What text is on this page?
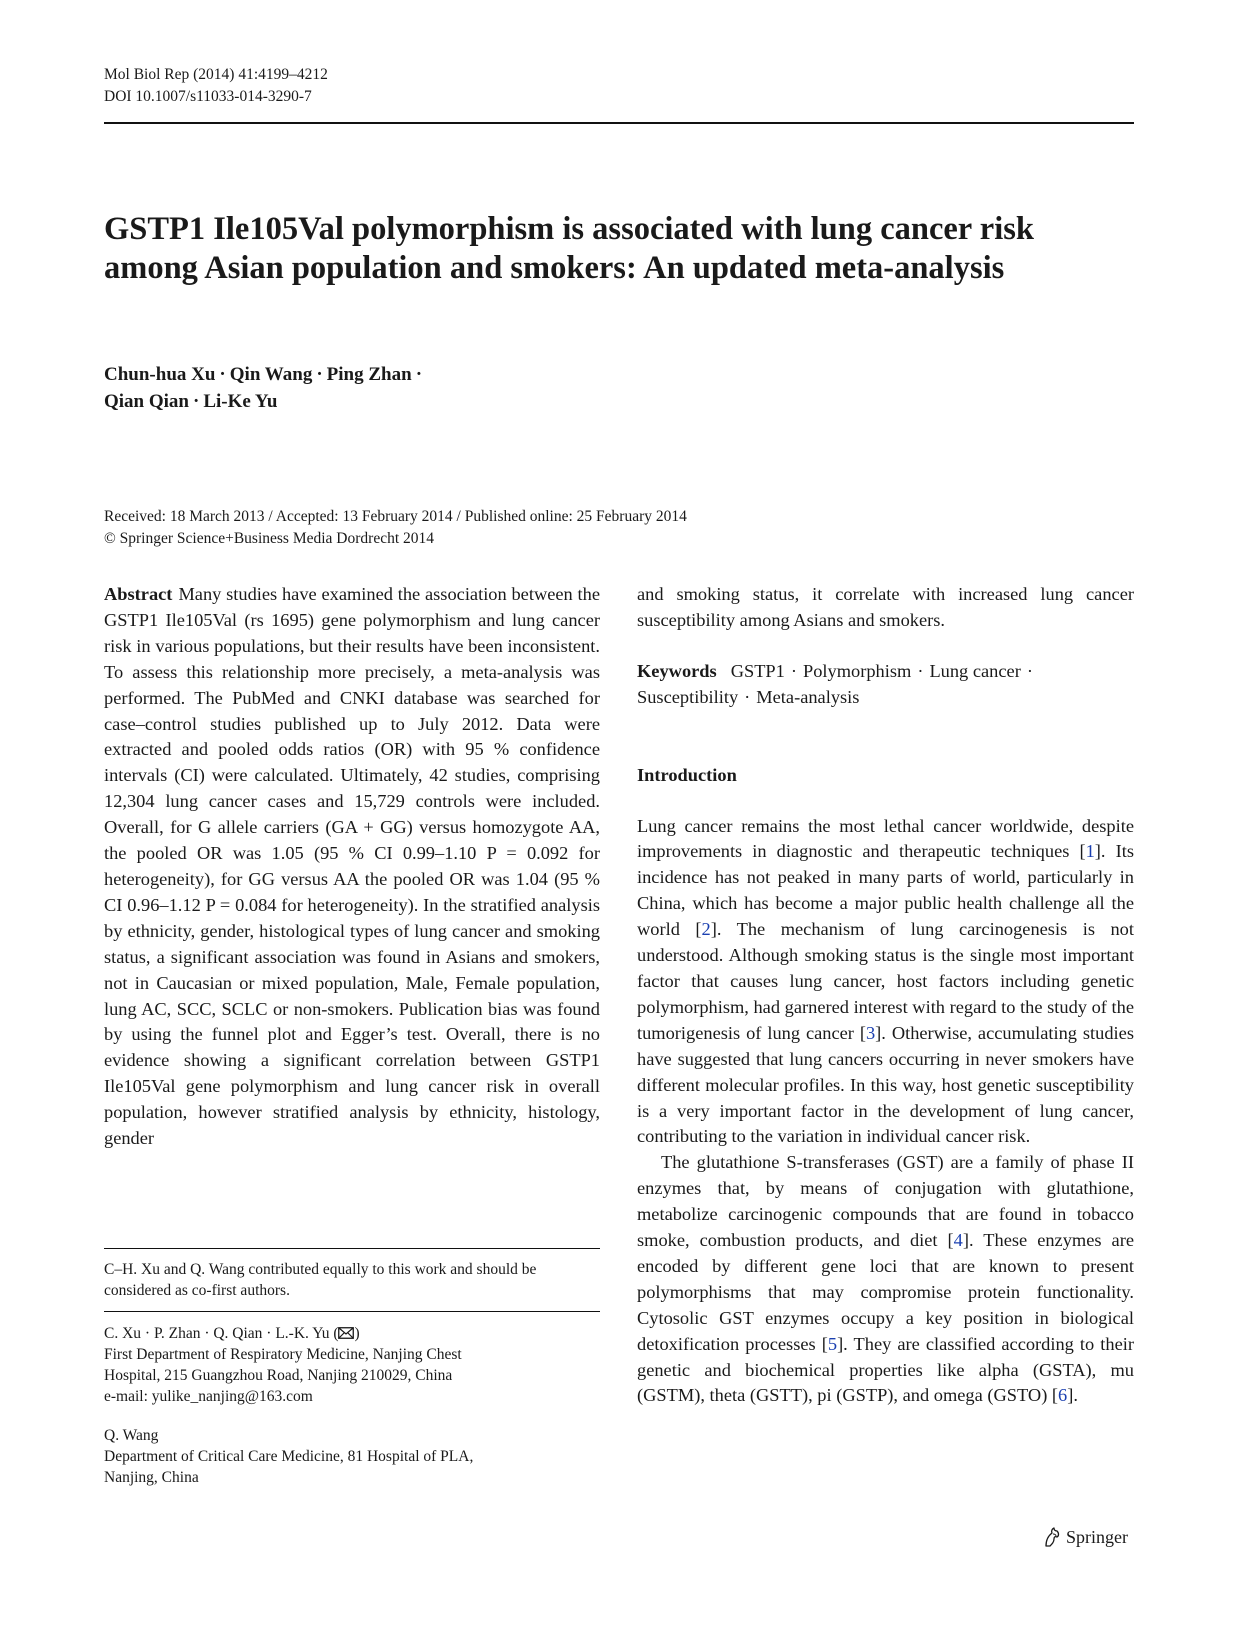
Mol Biol Rep (2014) 41:4199–4212
DOI 10.1007/s11033-014-3290-7
GSTP1 Ile105Val polymorphism is associated with lung cancer risk among Asian population and smokers: An updated meta-analysis
Chun-hua Xu · Qin Wang · Ping Zhan ·
Qian Qian · Li-Ke Yu
Received: 18 March 2013 / Accepted: 13 February 2014 / Published online: 25 February 2014
© Springer Science+Business Media Dordrecht 2014

Abstract Many studies have examined the association between the GSTP1 Ile105Val (rs 1695) gene polymorphism and lung cancer risk in various populations, but their results have been inconsistent. To assess this relationship more precisely, a meta-analysis was performed. The PubMed and CNKI database was searched for case–control studies published up to July 2012. Data were extracted and pooled odds ratios (OR) with 95 % confidence intervals (CI) were calculated. Ultimately, 42 studies, comprising 12,304 lung cancer cases and 15,729 controls were included. Overall, for G allele carriers (GA + GG) versus homozygote AA, the pooled OR was 1.05 (95 % CI 0.99–1.10 P = 0.092 for heterogeneity), for GG versus AA the pooled OR was 1.04 (95 % CI 0.96–1.12 P = 0.084 for heterogeneity). In the stratified analysis by ethnicity, gender, histological types of lung cancer and smoking status, a significant association was found in Asians and smokers, not in Caucasian or mixed population, Male, Female population, lung AC, SCC, SCLC or non-smokers. Publication bias was found by using the funnel plot and Egger’s test. Overall, there is no evidence showing a significant correlation between GSTP1 Ile105Val gene polymorphism and lung cancer risk in overall population, however stratified analysis by ethnicity, histology, gender

C–H. Xu and Q. Wang contributed equally to this work and should be
considered as co-first authors.
C. Xu · P. Zhan · Q. Qian · L.-K. Yu ( )
First Department of Respiratory Medicine, Nanjing Chest
Hospital, 215 Guangzhou Road, Nanjing 210029, China
e-mail: yulike_nanjing@163.com
Q. Wang
Department of Critical Care Medicine, 81 Hospital of PLA,
Nanjing, China

and smoking status, it correlate with increased lung cancer susceptibility among Asians and smokers.

Keywords GSTP1 · Polymorphism · Lung cancer ·
Susceptibility · Meta-analysis
Introduction

Lung cancer remains the most lethal cancer worldwide, despite improvements in diagnostic and therapeutic techniques [1]. Its incidence has not peaked in many parts of world, particularly in China, which has become a major public health challenge all the world [2]. The mechanism of lung carcinogenesis is not understood. Although smoking status is the single most important factor that causes lung cancer, host factors including genetic polymorphism, had garnered interest with regard to the study of the tumorigenesis of lung cancer [3]. Otherwise, accumulating studies have suggested that lung cancers occurring in never smokers have different molecular profiles. In this way, host genetic susceptibility is a very important factor in the development of lung cancer, contributing to the variation in individual cancer risk.

The glutathione S-transferases (GST) are a family of phase II enzymes that, by means of conjugation with glutathione, metabolize carcinogenic compounds that are found in tobacco smoke, combustion products, and diet [4]. These enzymes are encoded by different gene loci that are known to present polymorphisms that may compromise protein functionality. Cytosolic GST enzymes occupy a key position in biological detoxification processes [5]. They are classified according to their genetic and biochemical properties like alpha (GSTA), mu (GSTM), theta (GSTT), pi (GSTP), and omega (GSTO) [6].

Springer
